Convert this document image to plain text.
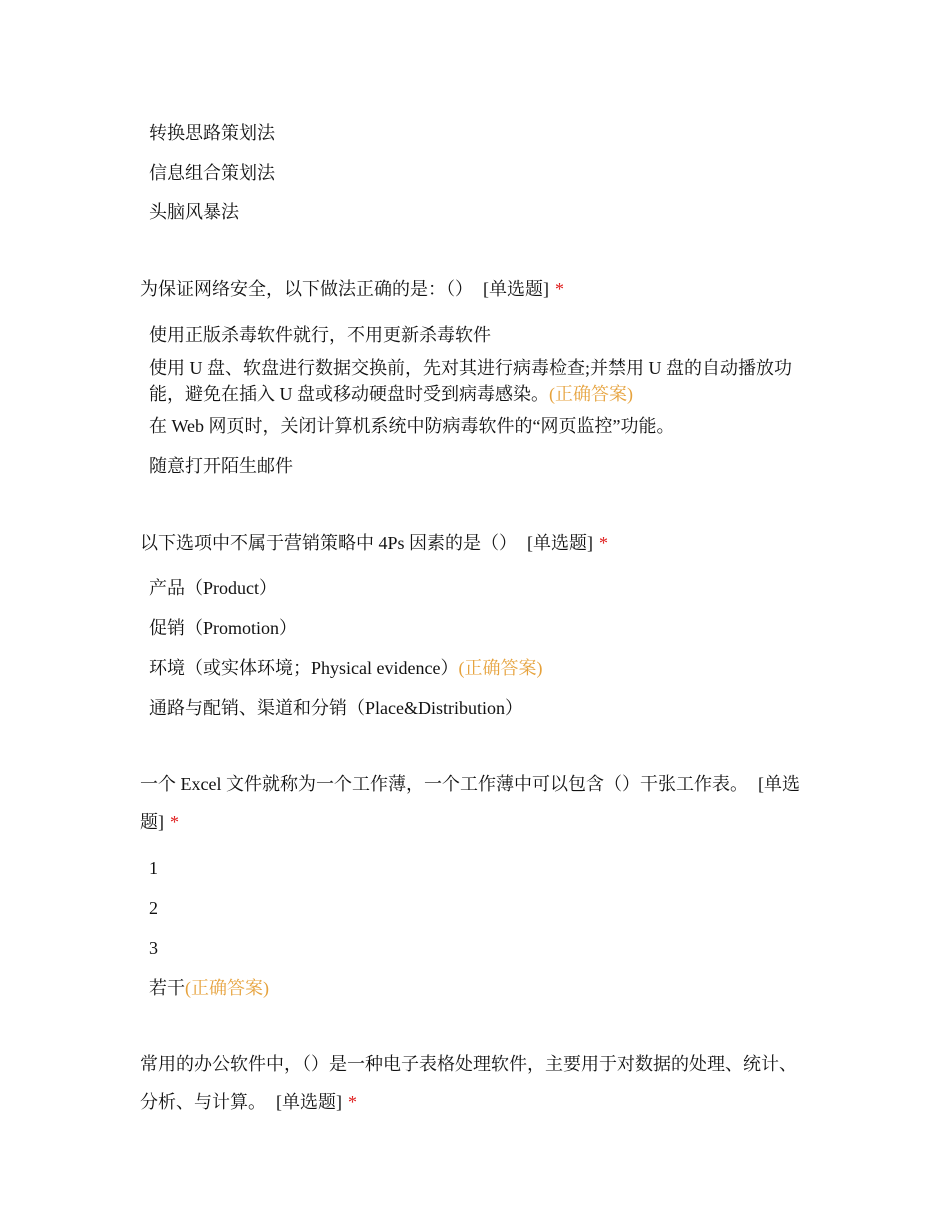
转换思路策划法
信息组合策划法
头脑风暴法
为保证网络安全，以下做法正确的是：（） [单选题] *
使用正版杀毒软件就行，不用更新杀毒软件
使用 U 盘、软盘进行数据交换前，先对其进行病毒检查;并禁用 U 盘的自动播放功能，避免在插入 U 盘或移动硬盘时受到病毒感染。(正确答案)
在 Web 网页时，关闭计算机系统中防病毒软件的“网页监控”功能。
随意打开陌生邮件
以下选项中不属于营销策略中 4Ps 因素的是（） [单选题] *
产品（Product）
促销（Promotion）
环境（或实体环境；Physical evidence）(正确答案)
通路与配销、渠道和分销（Place&Distribution）
一个 Excel 文件就称为一个工作薄，一个工作薄中可以包含（）干张工作表。 [单选题] *
1
2
3
若干(正确答案)
常用的办公软件中，（）是一种电子表格处理软件，主要用于对数据的处理、统计、分析、与计算。 [单选题] *
